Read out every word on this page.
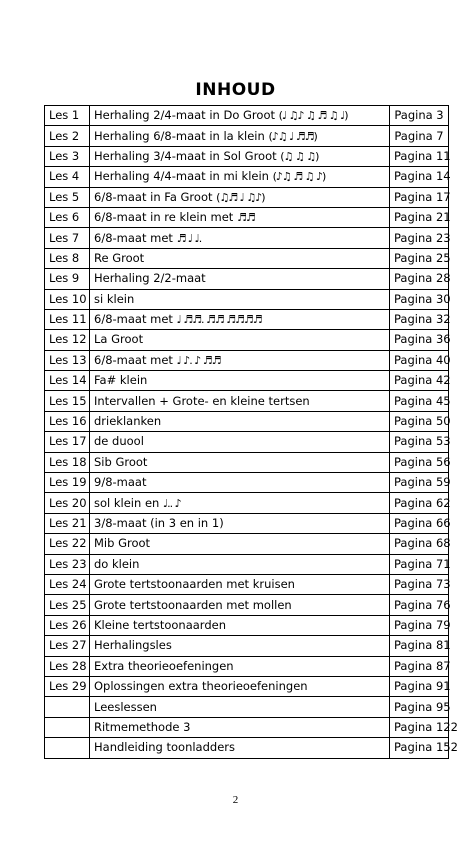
INHOUD
Les 1	Herhaling 2/4-maat in Do Groot (♩ ♫♪ ♫ ♬ ♫ ♩)	Pagina 3
Les 2	Herhaling 6/8-maat in la klein (♪♫ ♩ ♬♬)	Pagina 7
Les 3	Herhaling 3/4-maat in Sol Groot (♫ ♫ ♫)	Pagina 11
Les 4	Herhaling 4/4-maat in mi klein (♪♫ ♬ ♫ ♪)	Pagina 14
Les 5	6/8-maat in Fa Groot (♫♬ ♩ ♫♪)	Pagina 17
Les 6	6/8-maat in re klein met ♬♬	Pagina 21
Les 7	6/8-maat met ♬ ♩ ♩.	Pagina 23
Les 8	Re Groot	Pagina 25
Les 9	Herhaling 2/2-maat	Pagina 28
Les 10	si klein	Pagina 30
Les 11	6/8-maat met ♩ ♬♬. ♬♬ ♬♬♬♬	Pagina 32
Les 12	La Groot	Pagina 36
Les 13	6/8-maat met ♩ ♪. ♪ ♬♬	Pagina 40
Les 14	Fa# klein	Pagina 42
Les 15	Intervallen + Grote- en kleine tertsen	Pagina 45
Les 16	drieklanken	Pagina 50
Les 17	de duool	Pagina 53
Les 18	Sib Groot	Pagina 56
Les 19	9/8-maat	Pagina 59
Les 20	sol klein en ♩.. ♪	Pagina 62
Les 21	3/8-maat (in 3 en in 1)	Pagina 66
Les 22	Mib Groot	Pagina 68
Les 23	do klein	Pagina 71
Les 24	Grote tertstoonaarden met kruisen	Pagina 73
Les 25	Grote tertstoonaarden met mollen	Pagina 76
Les 26	Kleine tertstoonaarden	Pagina 79
Les 27	Herhalingsles	Pagina 81
Les 28	Extra theorieoefeningen	Pagina 87
Les 29	Oplossingen extra theorieoefeningen	Pagina 91
	Leeslessen	Pagina 95
	Ritmemethode 3	Pagina 122
	Handleiding toonladders	Pagina 152
2
